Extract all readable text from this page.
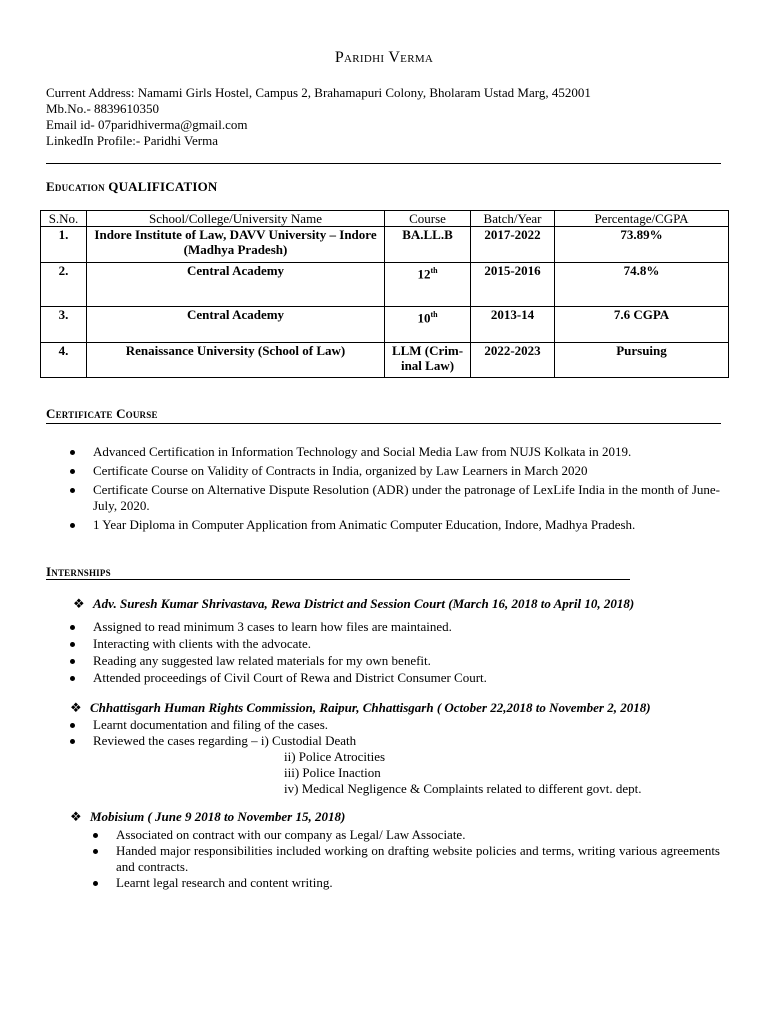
Paridhi Verma
Current Address: Namami Girls Hostel, Campus 2, Brahamapuri Colony, Bholaram Ustad Marg, 452001
Mb.No.- 8839610350
Email id- 07paridhiverma@gmail.com
LinkedIn Profile:- Paridhi Verma
Education QUALIFICATION
S.No.	School/College/University Name	Course	Batch/Year	Percentage/CGPA
1.	Indore Institute of Law, DAVV University – Indore (Madhya Pradesh)	BA.LL.B	2017-2022	73.89%
2.	Central Academy	12th	2015-2016	74.8%
3.	Central Academy	10th	2013-14	7.6 CGPA
4.	Renaissance University (School of Law)	LLM (Crim-inal Law)	2022-2023	Pursuing
Certificate Course
Advanced Certification in Information Technology and Social Media Law from NUJS Kolkata in 2019.
Certificate Course on Validity of Contracts in India, organized by Law Learners in March 2020
Certificate Course on Alternative Dispute Resolution (ADR) under the patronage of LexLife India in the month of June-July, 2020.
1 Year Diploma in Computer Application from Animatic Computer Education, Indore, Madhya Pradesh.
Internships
❖ Adv. Suresh Kumar Shrivastava, Rewa District and Session Court (March 16, 2018 to April 10, 2018)
Assigned to read minimum 3 cases to learn how files are maintained.
Interacting with clients with the advocate.
Reading any suggested law related materials for my own benefit.
Attended proceedings of Civil Court of Rewa and District Consumer Court.
❖ Chhattisgarh Human Rights Commission, Raipur, Chhattisgarh ( October 22,2018 to November 2, 2018)
Learnt documentation and filing of the cases.
Reviewed the cases regarding – i) Custodial Death
ii) Police Atrocities
iii) Police Inaction
iv) Medical Negligence & Complaints related to different govt. dept.
❖ Mobisium ( June 9 2018 to November 15, 2018)
Associated on contract with our company as Legal/ Law Associate.
Handed major responsibilities included working on drafting website policies and terms, writing various agreements and contracts.
Learnt legal research and content writing.
